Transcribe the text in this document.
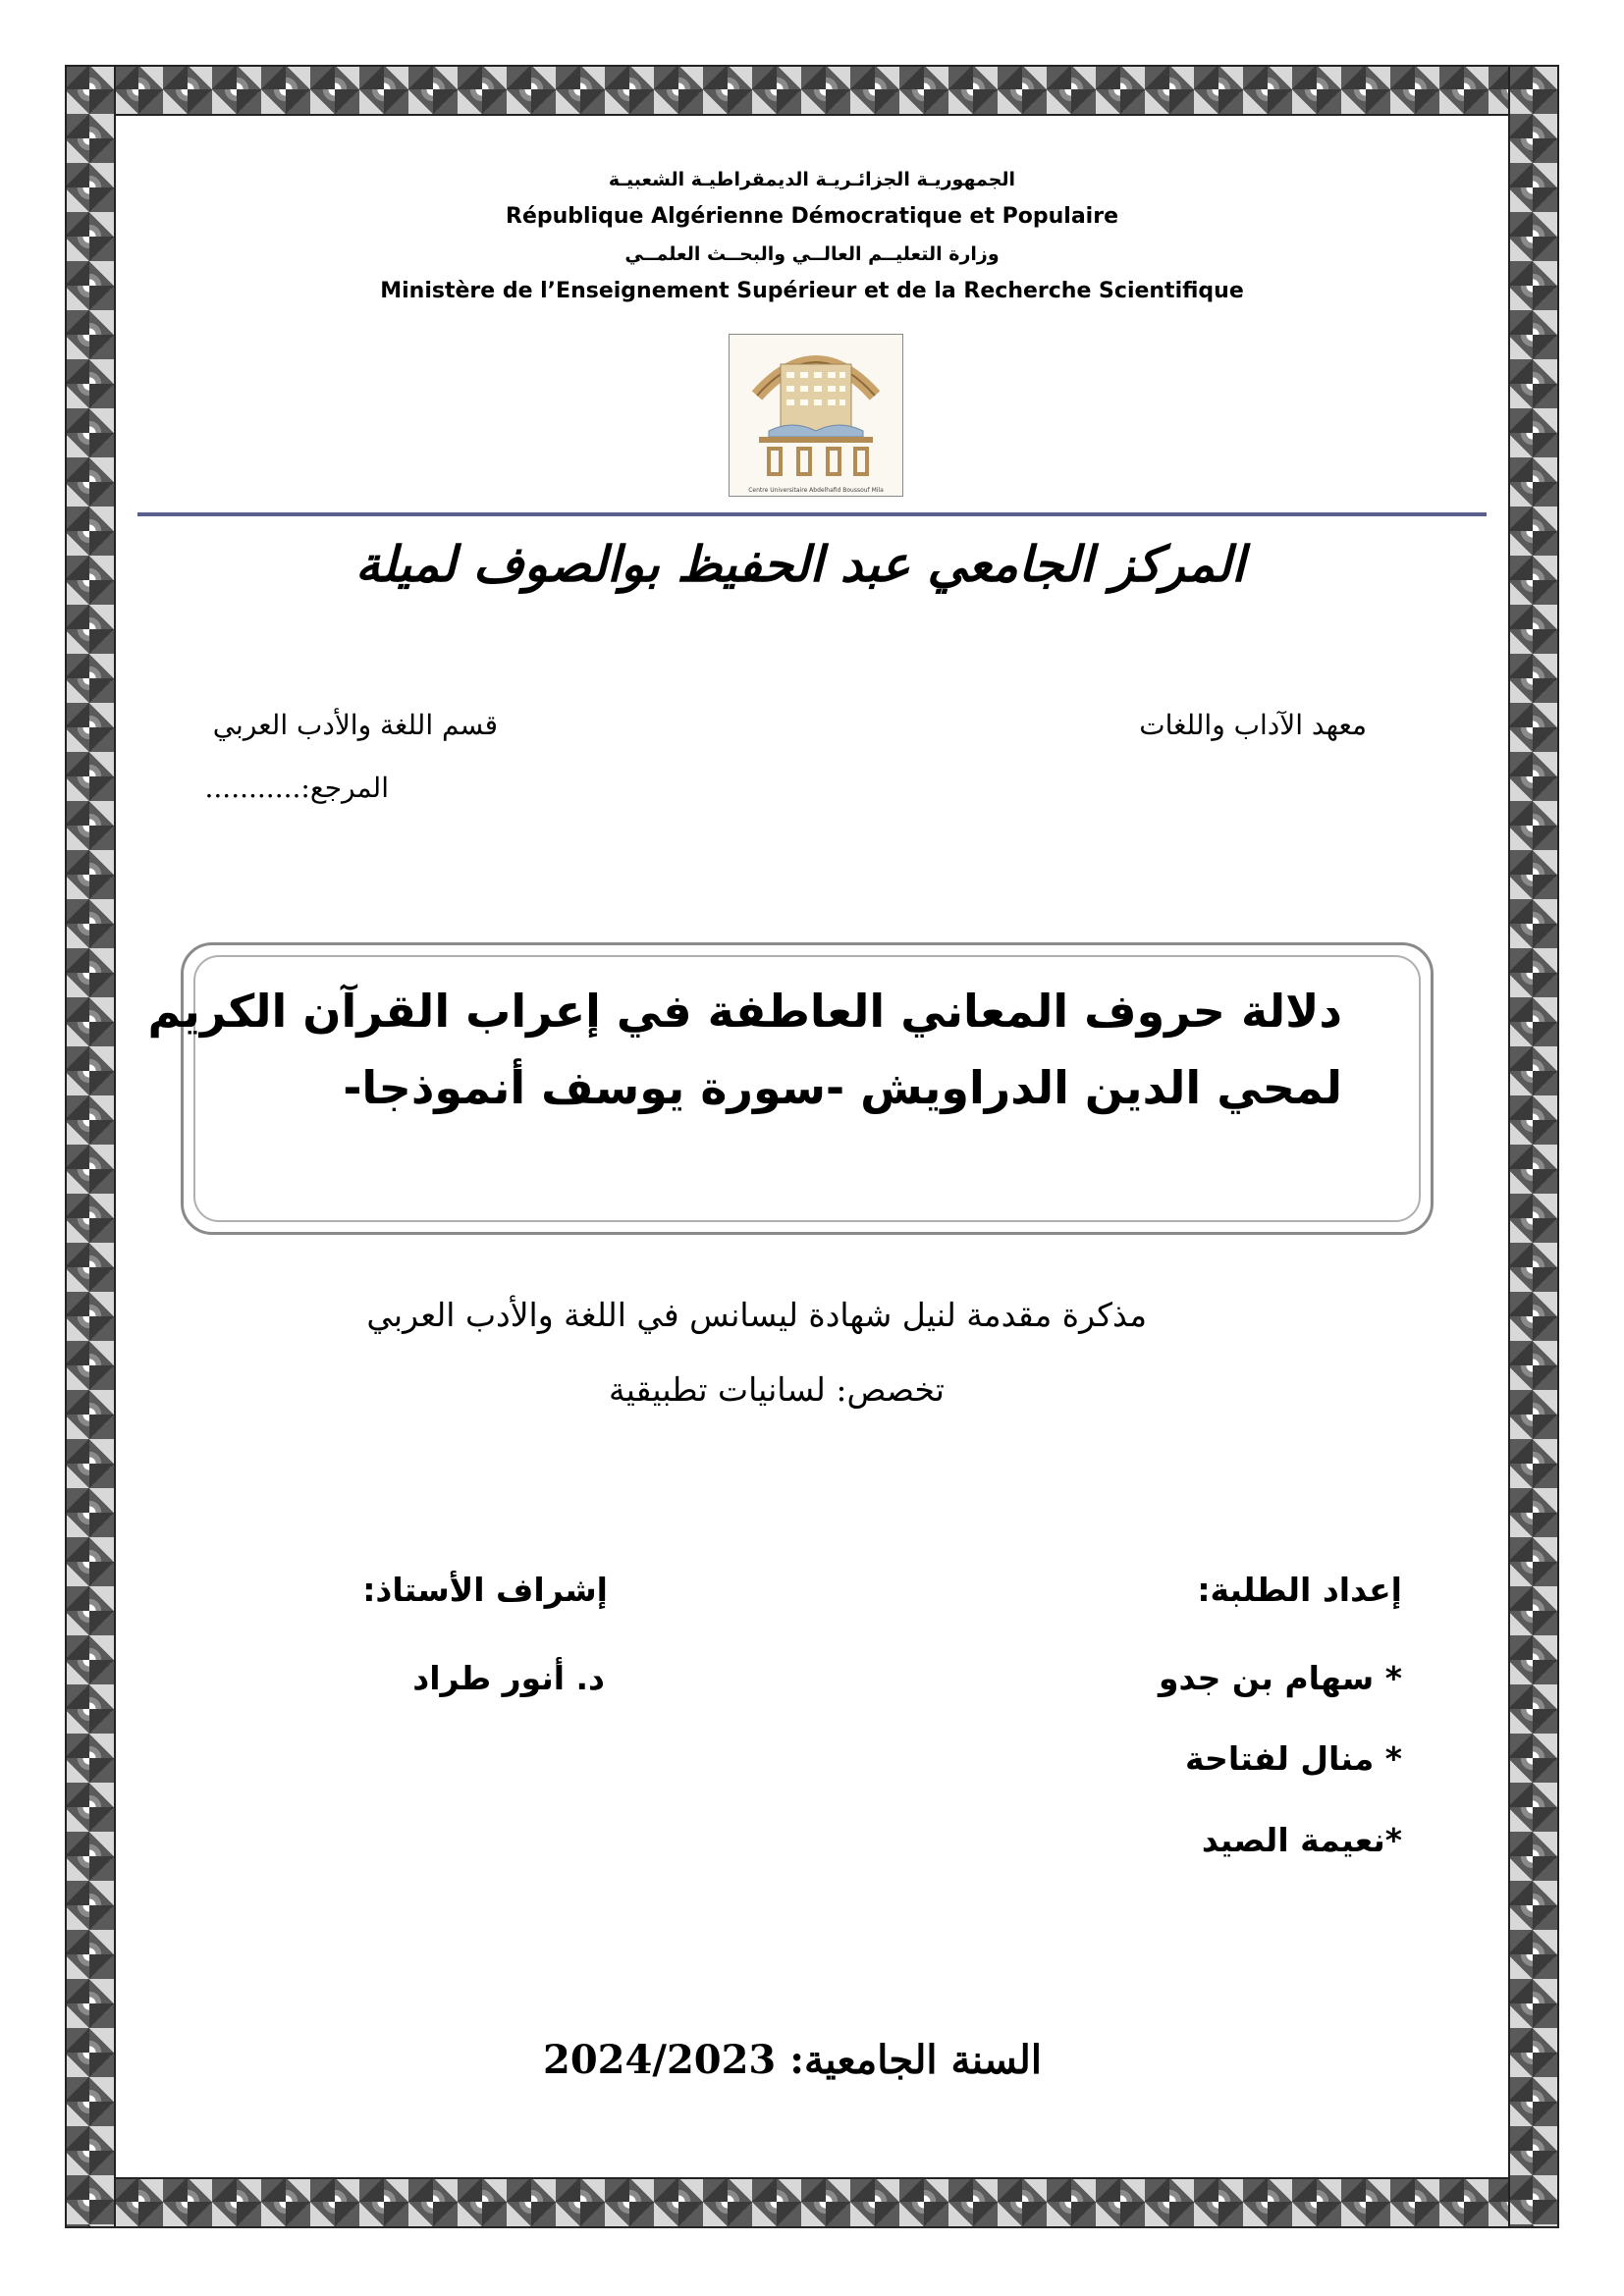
الجمهوريـة الجزائـريـة الديمقراطيـة الشعبيـة
République Algérienne Démocratique et Populaire
وزارة التعليــم العالــي والبحــث العلمــي
Ministère de l’Enseignement Supérieur et de la Recherche Scientifique
Centre Universitaire Abdelhafid Boussouf Mila
المركز الجامعي عبد الحفيظ بوالصوف لميلة
معهد الآداب واللغات
قسم اللغة والأدب العربي
المرجع:...........
دلالة حروف المعاني العاطفة في إعراب القرآن الكريم
لمحي الدين الدراويش -سورة يوسف أنموذجا-
مذكرة مقدمة لنيل شهادة ليسانس في اللغة والأدب العربي
تخصص: لسانيات تطبيقية
إعداد الطلبة:
إشراف الأستاذ:
* سهام بن جدو
د. أنور طراد
* منال لفتاحة
*نعيمة الصيد
السنة الجامعية: 2024/2023
